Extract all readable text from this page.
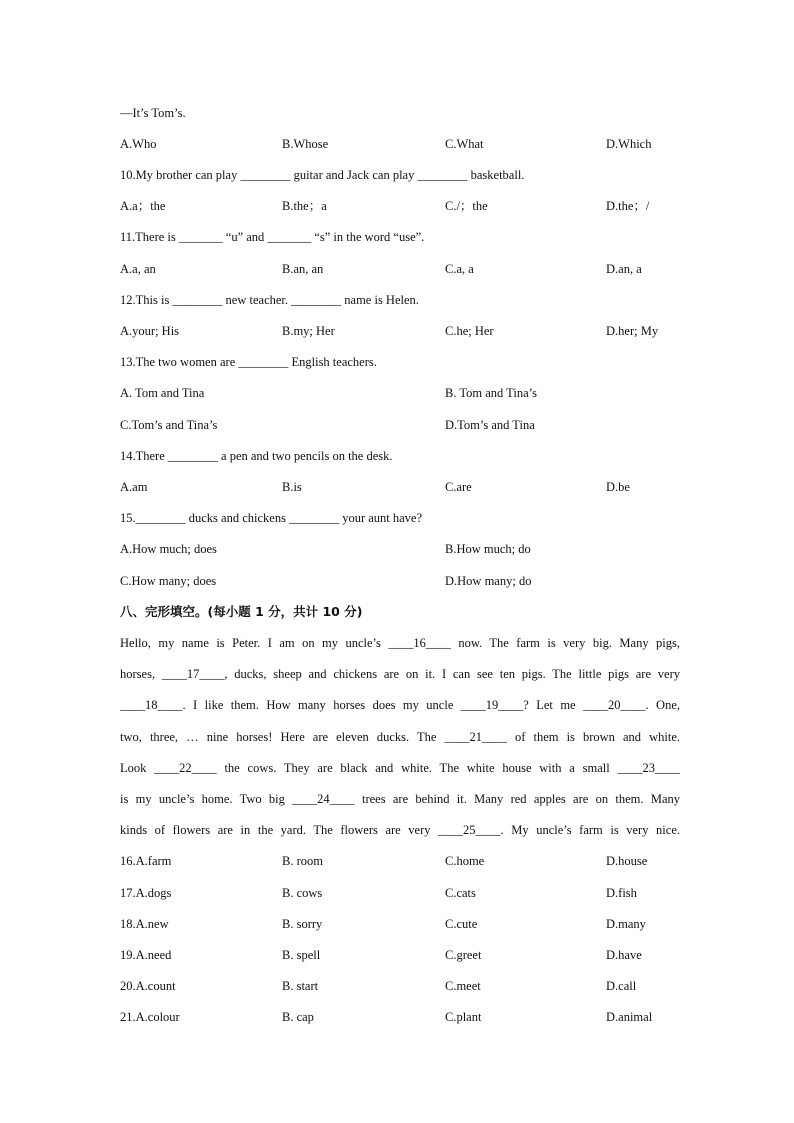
—It’s Tom’s.
A.Who	B.Whose	C.What	D.Which
10.My brother can play ________ guitar and Jack can play ________ basketball.
A.a；the	B.the；a	C./；the	D.the；/
11.There is _______ “u” and _______ “s” in the word “use”.
A.a, an	B.an, an	C.a, a	D.an, a
12.This is ________ new teacher. ________ name is Helen.
A.your; His	B.my; Her	C.he; Her	D.her; My
13.The two women are ________ English teachers.
A. Tom and Tina	B. Tom and Tina’s
C.Tom’s and Tina’s	D.Tom’s and Tina
14.There ________ a pen and two pencils on the desk.
A.am	B.is	C.are	D.be
15.________ ducks and chickens ________ your aunt have?
A.How much; does	B.How much; do
C.How many; does	D.How many; do
八、完形填空。(每小题 1 分，共计 10 分)
Hello, my name is Peter. I am on my uncle’s ____16____ now. The farm is very big. Many pigs,
horses, ____17____, ducks, sheep and chickens are on it. I can see ten pigs. The little pigs are very
____18____. I like them. How many horses does my uncle ____19____? Let me ____20____. One,
two, three, … nine horses! Here are eleven ducks. The ____21____ of them is brown and white.
Look ____22____ the cows. They are black and white. The white house with a small ____23____
is my uncle’s home. Two big ____24____ trees are behind it. Many red apples are on them. Many
kinds of flowers are in the yard. The flowers are very ____25____. My uncle’s farm is very nice.
16.A.farm	B. room	C.home	D.house
17.A.dogs	B. cows	C.cats	D.fish
18.A.new	B. sorry	C.cute	D.many
19.A.need	B. spell	C.greet	D.have
20.A.count	B. start	C.meet	D.call
21.A.colour	B. cap	C.plant	D.animal
